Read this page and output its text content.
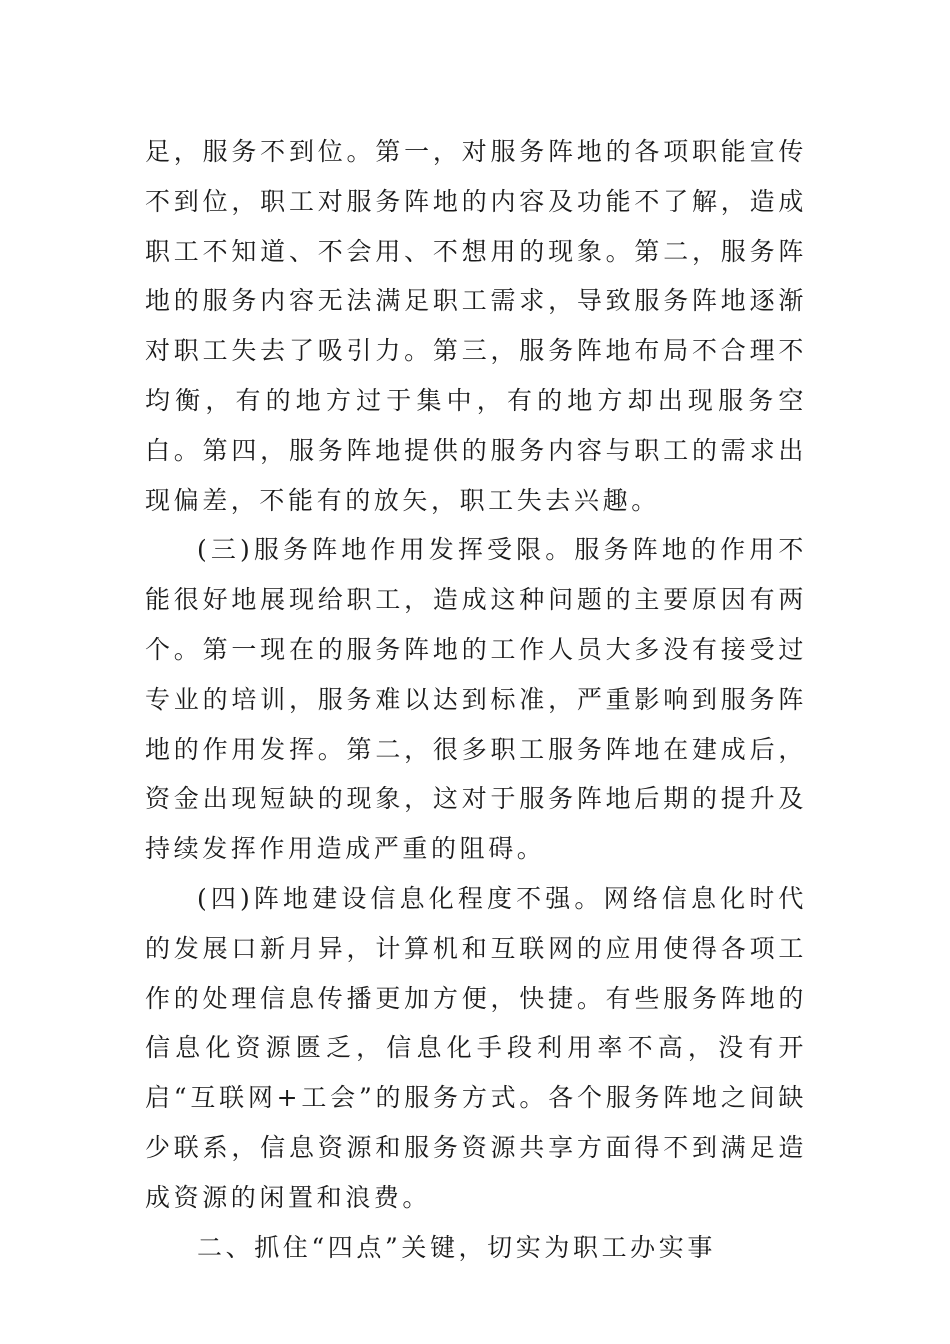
足，服务不到位。第一，对服务阵地的各项职能宣传不到位，职工对服务阵地的内容及功能不了解，造成职工不知道、不会用、不想用的现象。第二，服务阵地的服务内容无法满足职工需求，导致服务阵地逐渐对职工失去了吸引力。第三，服务阵地布局不合理不均衡，有的地方过于集中，有的地方却出现服务空白。第四，服务阵地提供的服务内容与职工的需求出现偏差，不能有的放矢，职工失去兴趣。

(三)服务阵地作用发挥受限。服务阵地的作用不能很好地展现给职工，造成这种问题的主要原因有两个。第一现在的服务阵地的工作人员大多没有接受过专业的培训，服务难以达到标准，严重影响到服务阵地的作用发挥。第二，很多职工服务阵地在建成后，资金出现短缺的现象，这对于服务阵地后期的提升及持续发挥作用造成严重的阻碍。

(四)阵地建设信息化程度不强。网络信息化时代的发展口新月异，计算机和互联网的应用使得各项工作的处理信息传播更加方便，快捷。有些服务阵地的信息化资源匮乏，信息化手段利用率不高，没有开启“互联网+工会”的服务方式。各个服务阵地之间缺少联系，信息资源和服务资源共享方面得不到满足造成资源的闲置和浪费。

二、抓住“四点”关键，切实为职工办实事
